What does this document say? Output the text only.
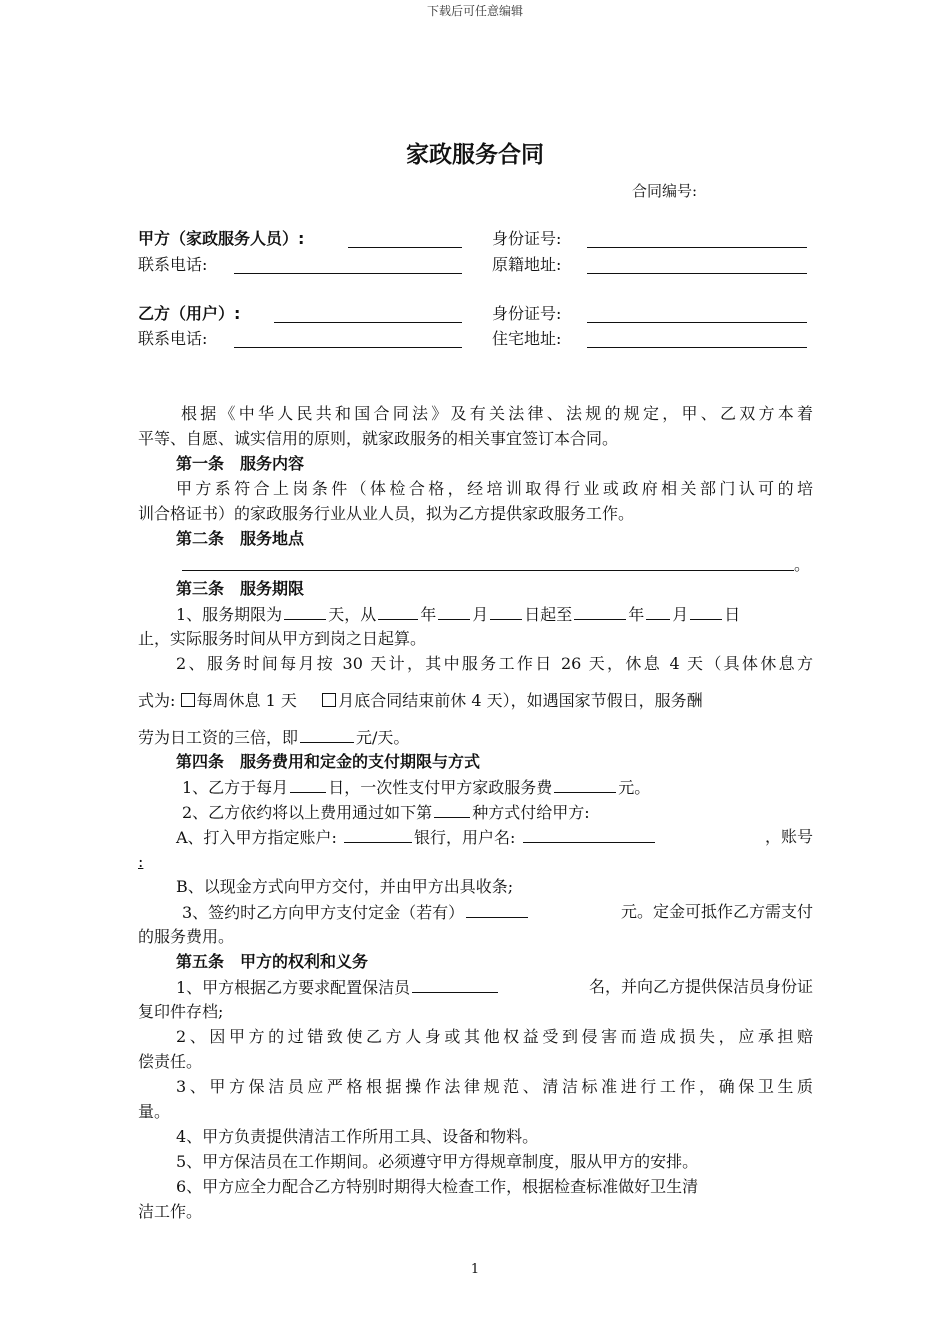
下载后可任意编辑
家政服务合同
合同编号:
甲方（家政服务人员）:	身份证号:
联系电话:	原籍地址:
乙方（用户）:	身份证号:
联系电话:	住宅地址:
根据《中华人民共和国合同法》及有关法律、法规的规定，甲、乙双方本着
平等、自愿、诚实信用的原则，就家政服务的相关事宜签订本合同。
第一条　服务内容
甲方系符合上岗条件（体检合格，经培训取得行业或政府相关部门认可的培
训合格证书）的家政服务行业从业人员，拟为乙方提供家政服务工作。
第二条　服务地点
。
第三条　服务期限
1、服务期限为	天，从	年 月 日起至	年 月 日
止，实际服务时间从甲方到岗之日起算。
2、服务时间每月按 30 天计，其中服务工作日 26 天，休息 4 天（具体休息方
式为: 每周休息 1 天	月底合同结束前休 4 天），如遇国家节假日，服务酬
劳为日工资的三倍，即	元/天。
第四条　服务费用和定金的支付期限与方式
1、乙方于每月	日，一次性支付甲方家政服务费	元。
2、乙方依约将以上费用通过如下第	种方式付给甲方:
A、打入甲方指定账户:	银行，用户名:	，账号
:
B、以现金方式向甲方交付，并由甲方出具收条;
3、签约时乙方向甲方支付定金（若有）	元。定金可抵作乙方需支付
的服务费用。
第五条　甲方的权利和义务
1、甲方根据乙方要求配置保洁员	名，并向乙方提供保洁员身份证
复印件存档;
2、因甲方的过错致使乙方人身或其他权益受到侵害而造成损失，应承担赔
偿责任。
3、甲方保洁员应严格根据操作法律规范、清洁标准进行工作，确保卫生质
量。
4、甲方负责提供清洁工作所用工具、设备和物料。
5、甲方保洁员在工作期间。必须遵守甲方得规章制度，服从甲方的安排。
6、甲方应全力配合乙方特别时期得大检查工作，根据检查标准做好卫生清
洁工作。
1
